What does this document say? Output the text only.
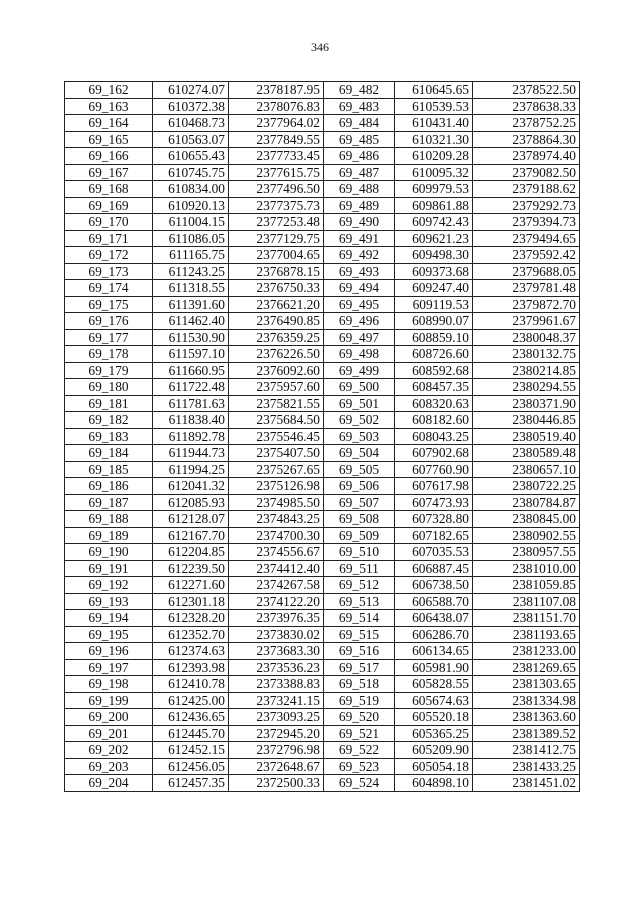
346
69_162	610274.07	2378187.95	69_482	610645.65	2378522.50
69_163	610372.38	2378076.83	69_483	610539.53	2378638.33
69_164	610468.73	2377964.02	69_484	610431.40	2378752.25
69_165	610563.07	2377849.55	69_485	610321.30	2378864.30
69_166	610655.43	2377733.45	69_486	610209.28	2378974.40
69_167	610745.75	2377615.75	69_487	610095.32	2379082.50
69_168	610834.00	2377496.50	69_488	609979.53	2379188.62
69_169	610920.13	2377375.73	69_489	609861.88	2379292.73
69_170	611004.15	2377253.48	69_490	609742.43	2379394.73
69_171	611086.05	2377129.75	69_491	609621.23	2379494.65
69_172	611165.75	2377004.65	69_492	609498.30	2379592.42
69_173	611243.25	2376878.15	69_493	609373.68	2379688.05
69_174	611318.55	2376750.33	69_494	609247.40	2379781.48
69_175	611391.60	2376621.20	69_495	609119.53	2379872.70
69_176	611462.40	2376490.85	69_496	608990.07	2379961.67
69_177	611530.90	2376359.25	69_497	608859.10	2380048.37
69_178	611597.10	2376226.50	69_498	608726.60	2380132.75
69_179	611660.95	2376092.60	69_499	608592.68	2380214.85
69_180	611722.48	2375957.60	69_500	608457.35	2380294.55
69_181	611781.63	2375821.55	69_501	608320.63	2380371.90
69_182	611838.40	2375684.50	69_502	608182.60	2380446.85
69_183	611892.78	2375546.45	69_503	608043.25	2380519.40
69_184	611944.73	2375407.50	69_504	607902.68	2380589.48
69_185	611994.25	2375267.65	69_505	607760.90	2380657.10
69_186	612041.32	2375126.98	69_506	607617.98	2380722.25
69_187	612085.93	2374985.50	69_507	607473.93	2380784.87
69_188	612128.07	2374843.25	69_508	607328.80	2380845.00
69_189	612167.70	2374700.30	69_509	607182.65	2380902.55
69_190	612204.85	2374556.67	69_510	607035.53	2380957.55
69_191	612239.50	2374412.40	69_511	606887.45	2381010.00
69_192	612271.60	2374267.58	69_512	606738.50	2381059.85
69_193	612301.18	2374122.20	69_513	606588.70	2381107.08
69_194	612328.20	2373976.35	69_514	606438.07	2381151.70
69_195	612352.70	2373830.02	69_515	606286.70	2381193.65
69_196	612374.63	2373683.30	69_516	606134.65	2381233.00
69_197	612393.98	2373536.23	69_517	605981.90	2381269.65
69_198	612410.78	2373388.83	69_518	605828.55	2381303.65
69_199	612425.00	2373241.15	69_519	605674.63	2381334.98
69_200	612436.65	2373093.25	69_520	605520.18	2381363.60
69_201	612445.70	2372945.20	69_521	605365.25	2381389.52
69_202	612452.15	2372796.98	69_522	605209.90	2381412.75
69_203	612456.05	2372648.67	69_523	605054.18	2381433.25
69_204	612457.35	2372500.33	69_524	604898.10	2381451.02
